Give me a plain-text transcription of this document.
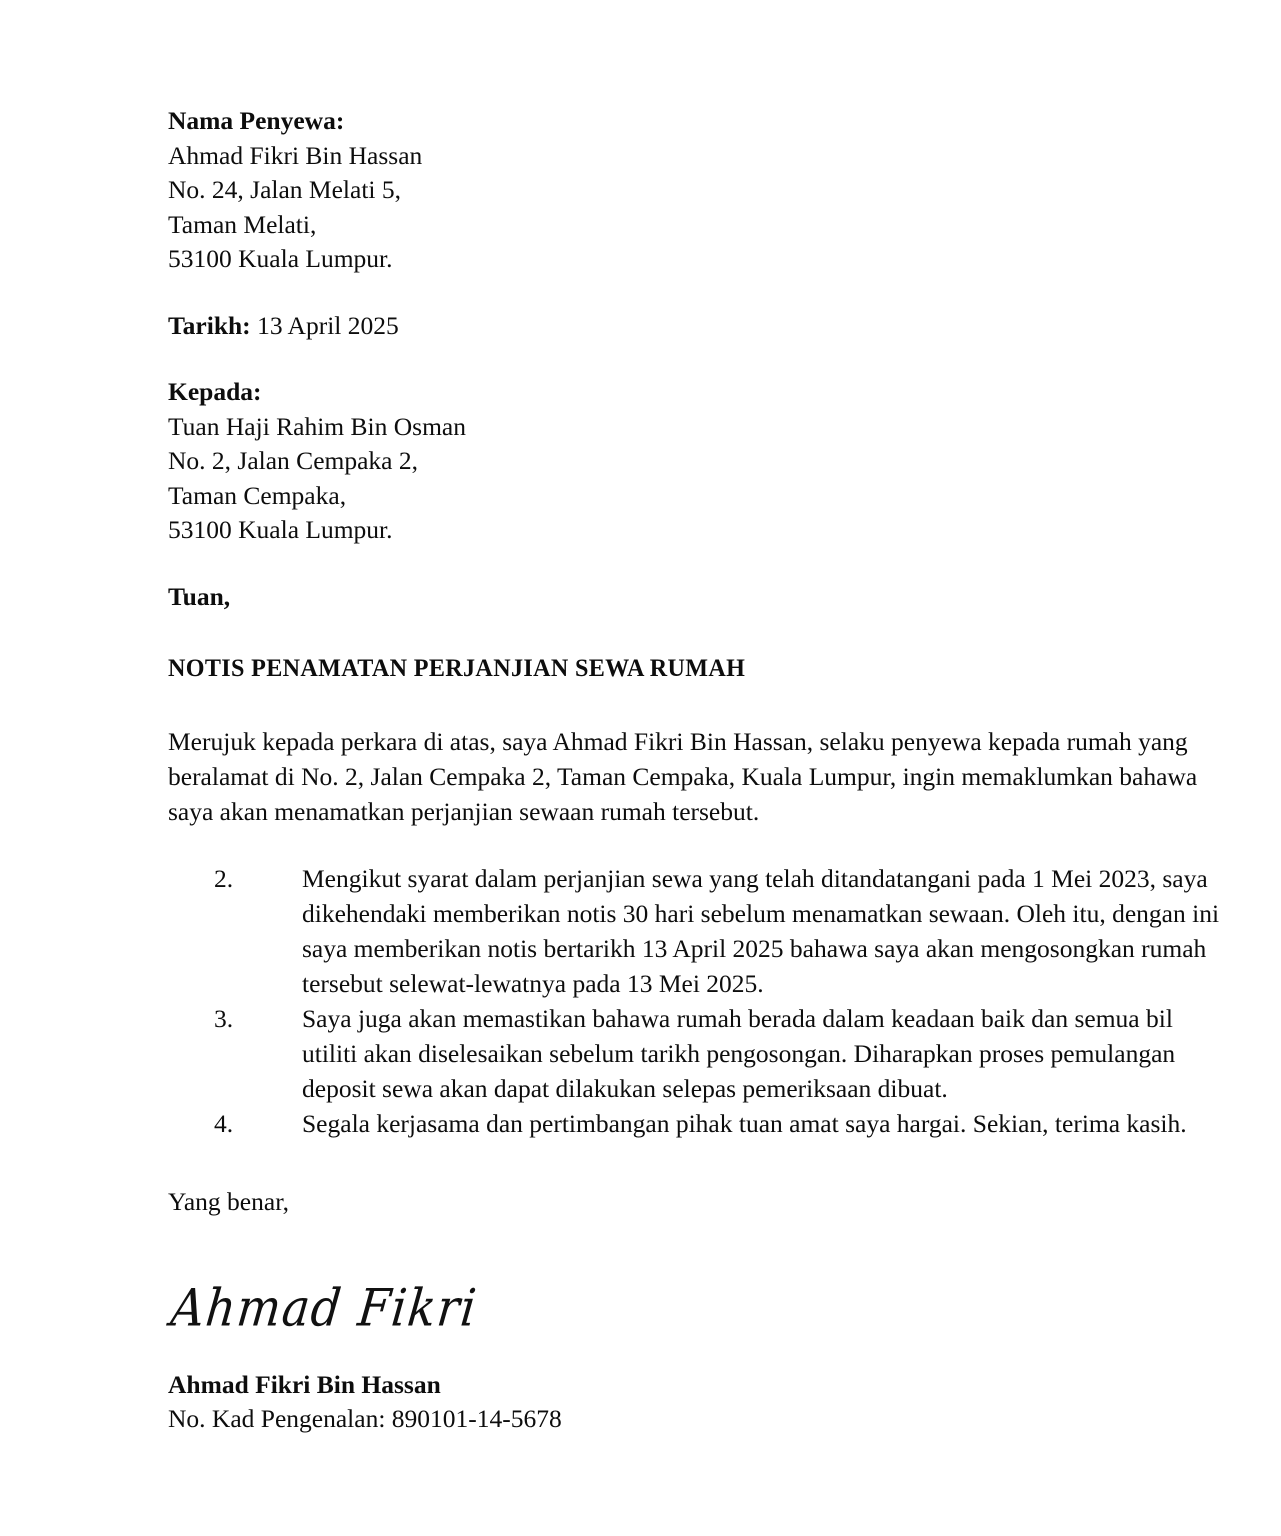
Nama Penyewa:
Ahmad Fikri Bin Hassan
No. 24, Jalan Melati 5,
Taman Melati,
53100 Kuala Lumpur.
Tarikh: 13 April 2025
Kepada:
Tuan Haji Rahim Bin Osman
No. 2, Jalan Cempaka 2,
Taman Cempaka,
53100 Kuala Lumpur.
Tuan,
NOTIS PENAMATAN PERJANJIAN SEWA RUMAH
Merujuk kepada perkara di atas, saya Ahmad Fikri Bin Hassan, selaku penyewa kepada rumah yang beralamat di No. 2, Jalan Cempaka 2, Taman Cempaka, Kuala Lumpur, ingin memaklumkan bahawa saya akan menamatkan perjanjian sewaan rumah tersebut.
2.	Mengikut syarat dalam perjanjian sewa yang telah ditandatangani pada 1 Mei 2023, saya dikehendaki memberikan notis 30 hari sebelum menamatkan sewaan. Oleh itu, dengan ini saya memberikan notis bertarikh 13 April 2025 bahawa saya akan mengosongkan rumah tersebut selewat-lewatnya pada 13 Mei 2025.
3.	Saya juga akan memastikan bahawa rumah berada dalam keadaan baik dan semua bil utiliti akan diselesaikan sebelum tarikh pengosongan. Diharapkan proses pemulangan deposit sewa akan dapat dilakukan selepas pemeriksaan dibuat.
4.	Segala kerjasama dan pertimbangan pihak tuan amat saya hargai. Sekian, terima kasih.
Yang benar,
Ahmad Fikri
Ahmad Fikri Bin Hassan
No. Kad Pengenalan: 890101-14-5678
